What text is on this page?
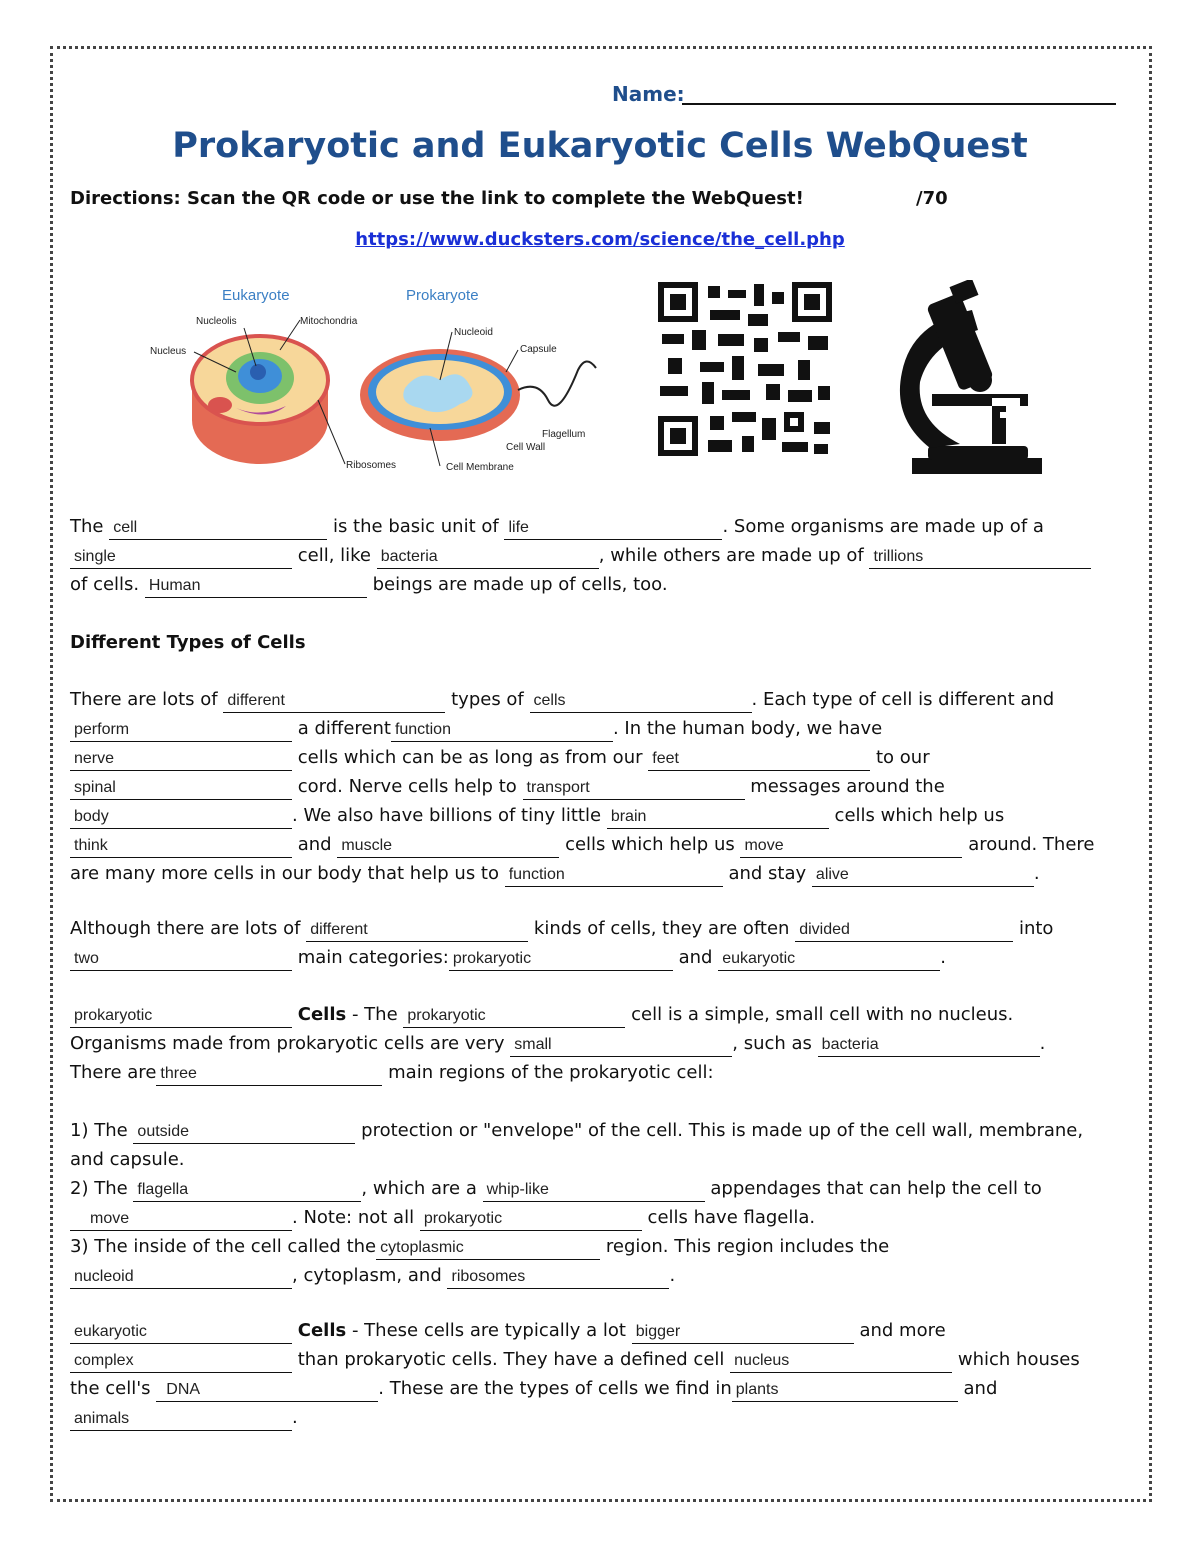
Name:
Prokaryotic and Eukaryotic Cells WebQuest
Directions: Scan the QR code or use the link to complete the WebQuest!	/70
https://www.ducksters.com/science/the_cell.php
Eukaryote
Nucleolis	Mitochondria
Nucleus
Ribosomes
Prokaryote
Nucleoid
Capsule
Flagellum
Cell Wall
Cell Membrane
The cell	is the basic unit of life	. Some organisms are made up of a
single	cell, like bacteria	, while others are made up of trillions
of cells. Human	beings are made up of cells, too.
Different Types of Cells
There are lots of different	types of cells	. Each type of cell is different and
perform	a different function	. In the human body, we have
nerve	cells which can be as long as from our feet	to our
spinal	cord. Nerve cells help to transport	messages around the
body	. We also have billions of tiny little brain	cells which help us
think	and muscle	cells which help us move	around. There
are many more cells in our body that help us to function	and stay alive	.
Although there are lots of different	kinds of cells, they are often divided	into
two	main categories: prokaryotic	and eukaryotic	.
prokaryotic	Cells - The prokaryotic	cell is a simple, small cell with no nucleus.
Organisms made from prokaryotic cells are very small	, such as bacteria	.
There are three	main regions of the prokaryotic cell:
1) The outside	protection or "envelope" of the cell. This is made up of the cell wall, membrane,
and capsule.
2) The flagella	, which are a whip-like	appendages that can help the cell to
move	. Note: not all prokaryotic	cells have flagella.
3) The inside of the cell called the cytoplasmic	region. This region includes the
nucleoid	, cytoplasm, and ribosomes	.
eukaryotic	Cells - These cells are typically a lot bigger	and more
complex	than prokaryotic cells. They have a defined cell nucleus	which houses
the cell's DNA	. These are the types of cells we find in plants	and
animals	.
